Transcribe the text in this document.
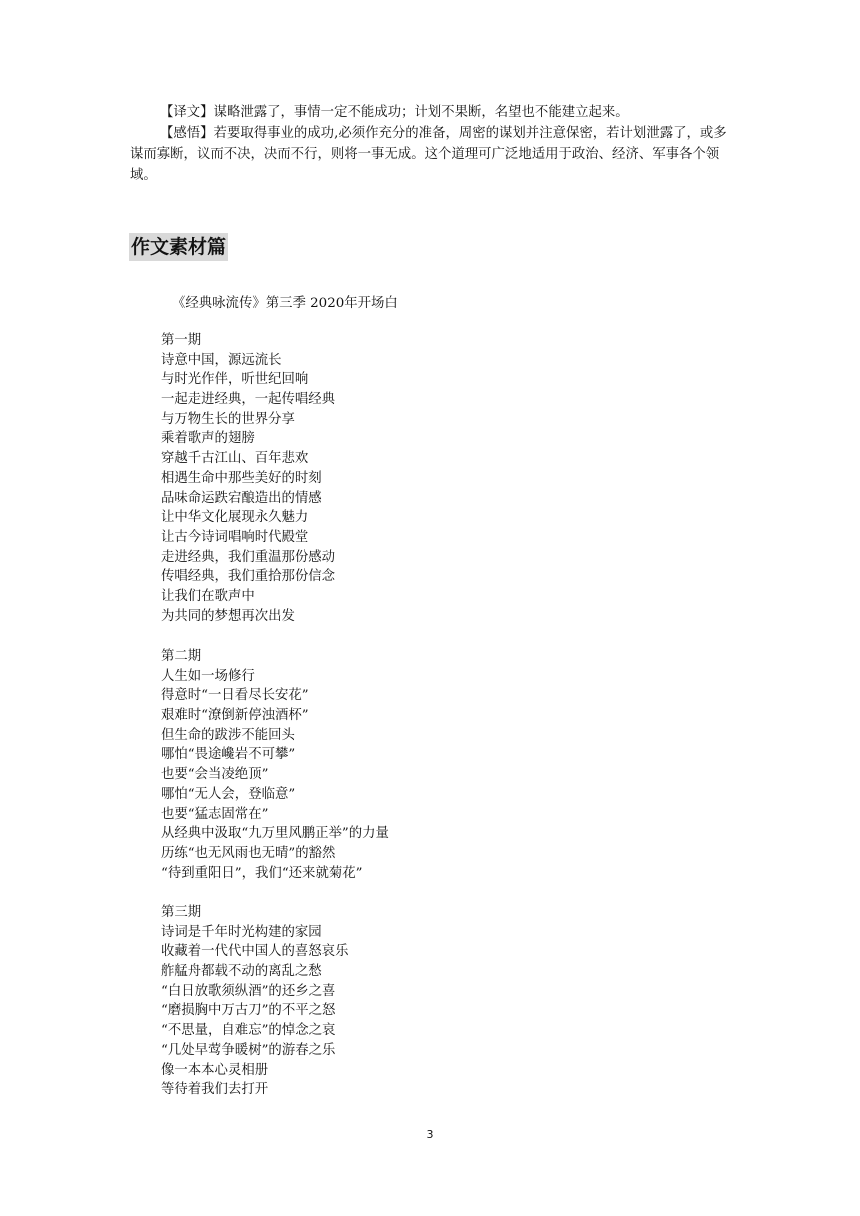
【译文】谋略泄露了，事情一定不能成功；计划不果断，名望也不能建立起来。

【感悟】若要取得事业的成功,必须作充分的准备，周密的谋划并注意保密，若计划泄露了，或多谋而寡断，议而不决，决而不行，则将一事无成。这个道理可广泛地适用于政治、经济、军事各个领域。

作文素材篇

《经典咏流传》第三季 2020年开场白

第一期
诗意中国，源远流长
与时光作伴，听世纪回响
一起走进经典，一起传唱经典
与万物生长的世界分享
乘着歌声的翅膀
穿越千古江山、百年悲欢
相遇生命中那些美好的时刻
品味命运跌宕酿造出的情感
让中华文化展现永久魅力
让古今诗词唱响时代殿堂
走进经典，我们重温那份感动
传唱经典，我们重拾那份信念
让我们在歌声中
为共同的梦想再次出发
第二期
人生如一场修行
得意时“一日看尽长安花”
艰难时“潦倒新停浊酒杯”
但生命的跋涉不能回头
哪怕“畏途巉岩不可攀”
也要“会当凌绝顶”
哪怕“无人会，登临意”
也要“猛志固常在”
从经典中汲取“九万里风鹏正举”的力量
历练“也无风雨也无晴”的豁然
“待到重阳日”，我们“还来就菊花”
第三期
诗词是千年时光构建的家园
收藏着一代代中国人的喜怒哀乐
舴艋舟都载不动的离乱之愁
“白日放歌须纵酒”的还乡之喜
“磨损胸中万古刀”的不平之怒
“不思量，自难忘”的悼念之哀
“几处早莺争暖树”的游春之乐
像一本本心灵相册
等待着我们去打开
3
